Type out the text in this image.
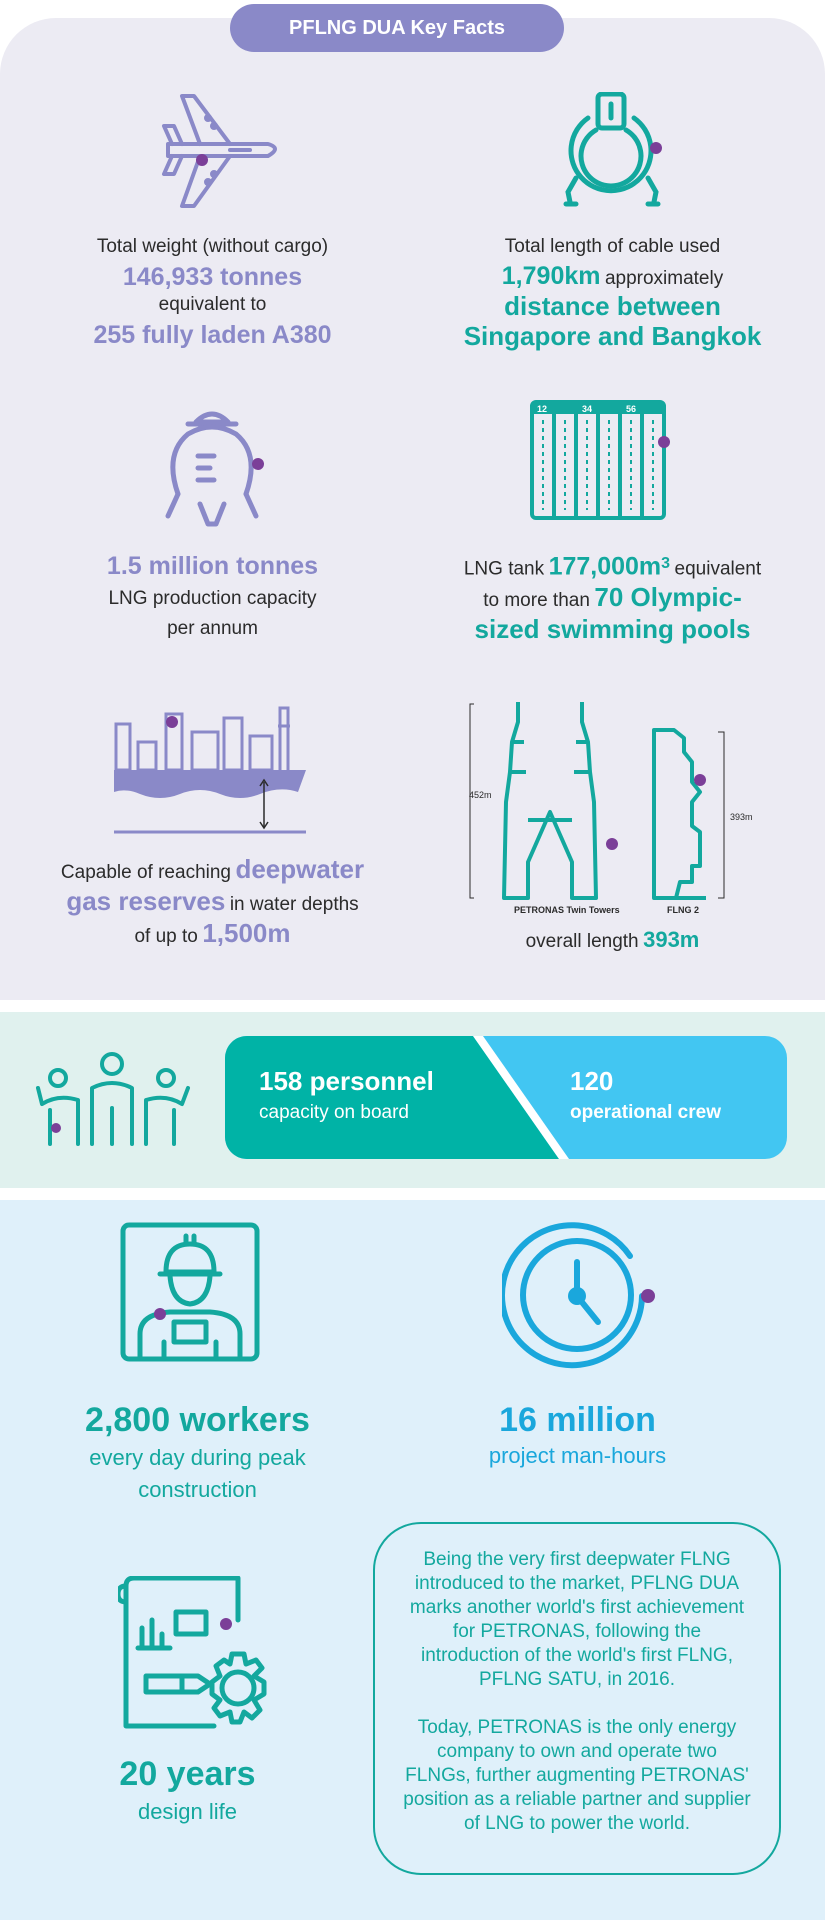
PFLNG DUA Key Facts
Total weight (without cargo)
146,933 tonnes
equivalent to
255 fully laden A380
Total length of cable used
1,790km approximately
distance between
Singapore and Bangkok
1.5 million tonnes
LNG production capacity
per annum
12	34	56
LNG tank $177,000m^3$ equivalent
to more than 70 Olympic-
sized swimming pools
Capable of reaching deepwater
gas reserves in water depths
of up to 1,500m
452m
393m
PETRONAS Twin Towers	FLNG 2
overall length 393m
158 personnel
capacity on board
120
operational crew
2,800 workers
every day during peak
construction
16 million
project man-hours
20 years
design life

Being the very first deepwater FLNG introduced to the market, PFLNG DUA marks another world's first achievement for PETRONAS, following the introduction of the world's first FLNG, PFLNG SATU, in 2016.

Today, PETRONAS is the only energy company to own and operate two FLNGs, further augmenting PETRONAS' position as a reliable partner and supplier of LNG to power the world.
